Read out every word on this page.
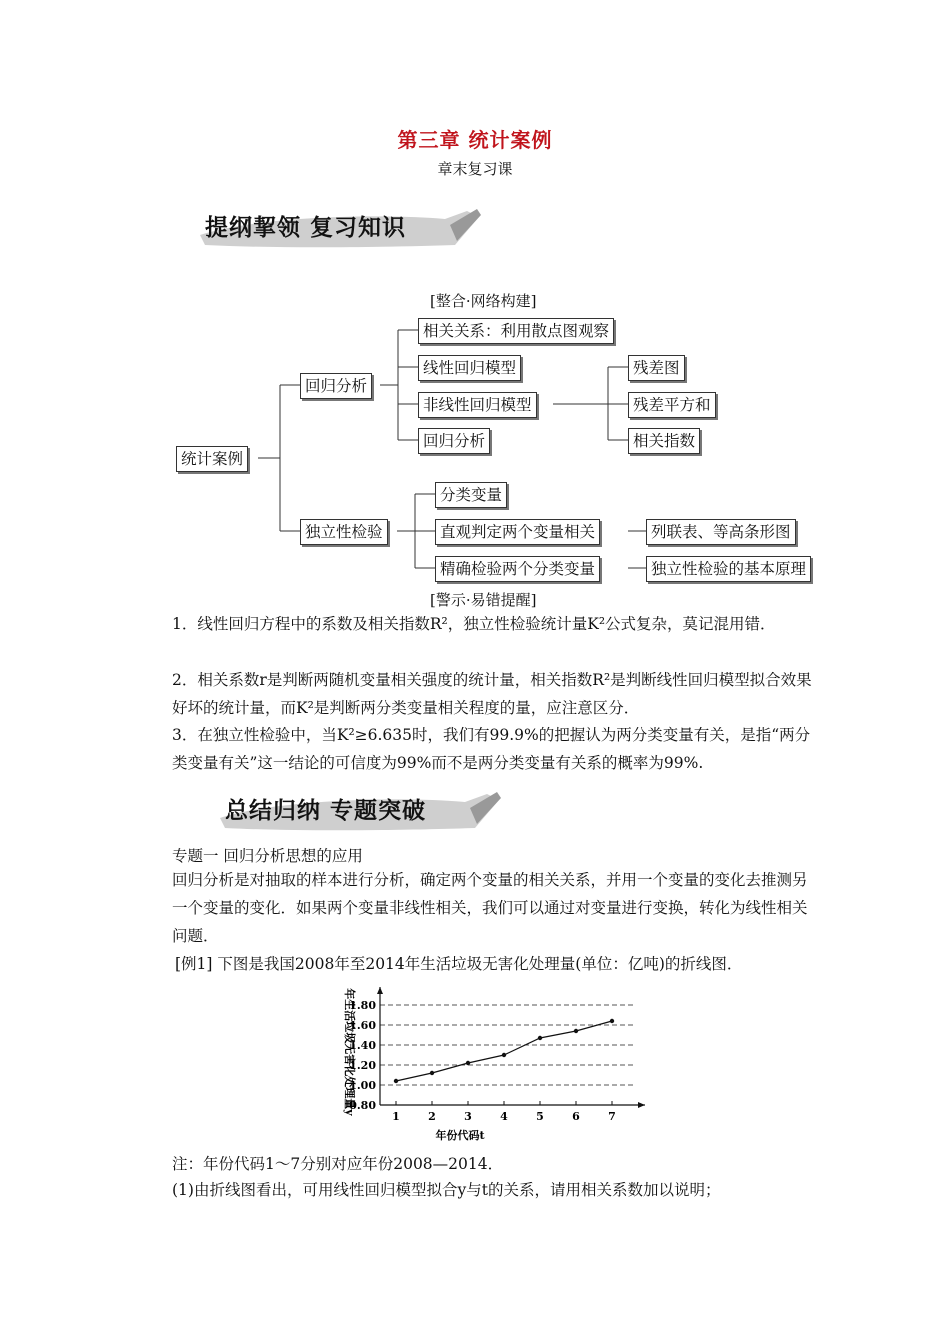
第三章 统计案例
章末复习课
提纲挈领 复习知识
[整合·网络构建]
统计案例
回归分析
独立性检验
相关关系：利用散点图观察
线性回归模型
非线性回归模型
回归分析
残差图
残差平方和
相关指数
分类变量
直观判定两个变量相关
精确检验两个分类变量
列联表、等高条形图
独立性检验的基本原理
[警示·易错提醒]
1．线性回归方程中的系数及相关指数R²，独立性检验统计量K²公式复杂，莫记混用错．
2．相关系数r是判断两随机变量相关强度的统计量，相关指数R²是判断线性回归模型拟合效果好坏的统计量，而K²是判断两分类变量相关程度的量，应注意区分．
3．在独立性检验中，当K²≥6.635时，我们有99.9%的把握认为两分类变量有关，是指“两分类变量有关”这一结论的可信度为99%而不是两分类变量有关系的概率为99%.
总结归纳 专题突破
专题一 回归分析思想的应用
回归分析是对抽取的样本进行分析，确定两个变量的相关关系，并用一个变量的变化去推测另一个变量的变化．如果两个变量非线性相关，我们可以通过对变量进行变换，转化为线性相关问题．
[例1] 下图是我国2008年至2014年生活垃圾无害化处理量(单位：亿吨)的折线图．
0.80
1.00
1.20
1.40
1.60
1.80
1	2	3	4	5	6	7
年份代码t
年生活垃圾无害化处理量y
注：年份代码1～7分别对应年份2008—2014．
(1)由折线图看出，可用线性回归模型拟合y与t的关系，请用相关系数加以说明；
